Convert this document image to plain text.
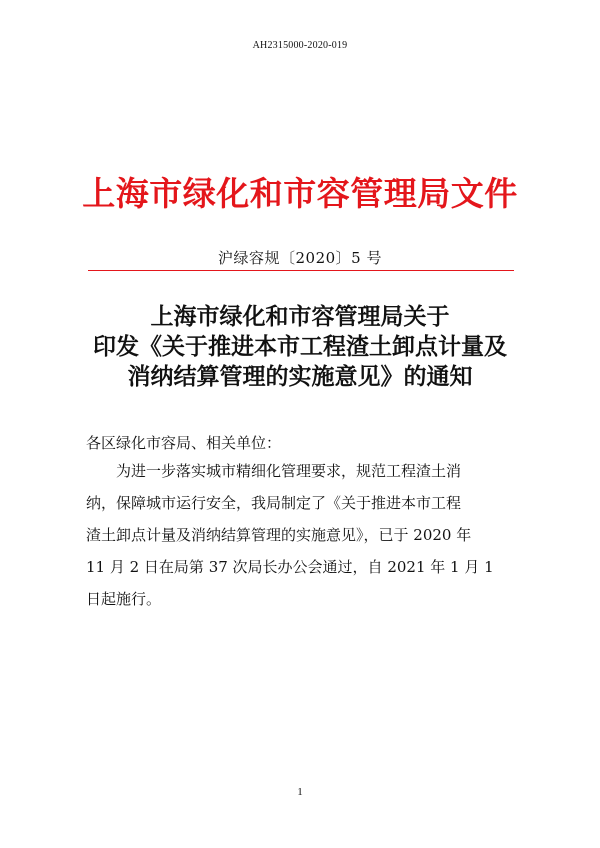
AH2315000-2020-019
上海市绿化和市容管理局文件
沪绿容规〔2020〕5 号
上海市绿化和市容管理局关于
印发《关于推进本市工程渣土卸点计量及
消纳结算管理的实施意见》的通知
各区绿化市容局、相关单位：
为进一步落实城市精细化管理要求，规范工程渣土消
纳，保障城市运行安全，我局制定了《关于推进本市工程
渣土卸点计量及消纳结算管理的实施意见》，已于 2020 年
11 月 2 日在局第 37 次局长办公会通过，自 2021 年 1 月 1
日起施行。
1
